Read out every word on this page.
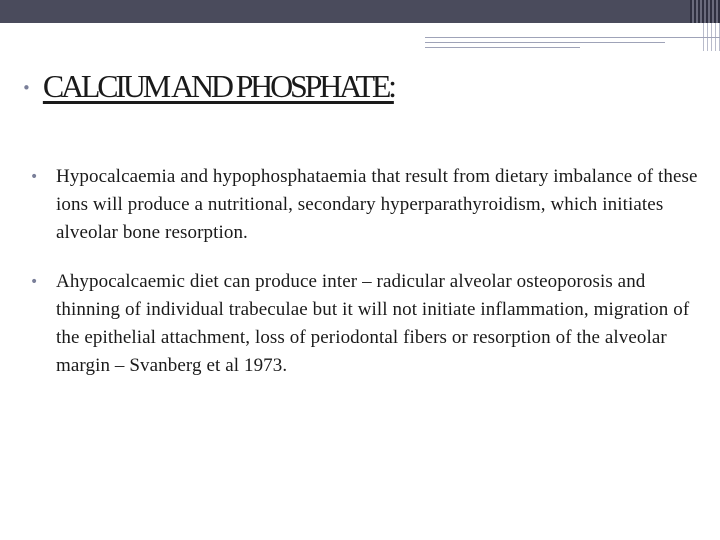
• CALCIUM AND PHOSPHATE:
• Hypocalcaemia and hypophosphataemia that result from dietary imbalance of these ions will produce a nutritional, secondary hyperparathyroidism, which initiates alveolar bone resorption.
• Ahypocalcaemic diet can produce inter – radicular alveolar osteoporosis and thinning of individual trabeculae but it will not initiate inflammation, migration of the epithelial attachment, loss of periodontal fibers or resorption of the alveolar margin – Svanberg et al 1973.
